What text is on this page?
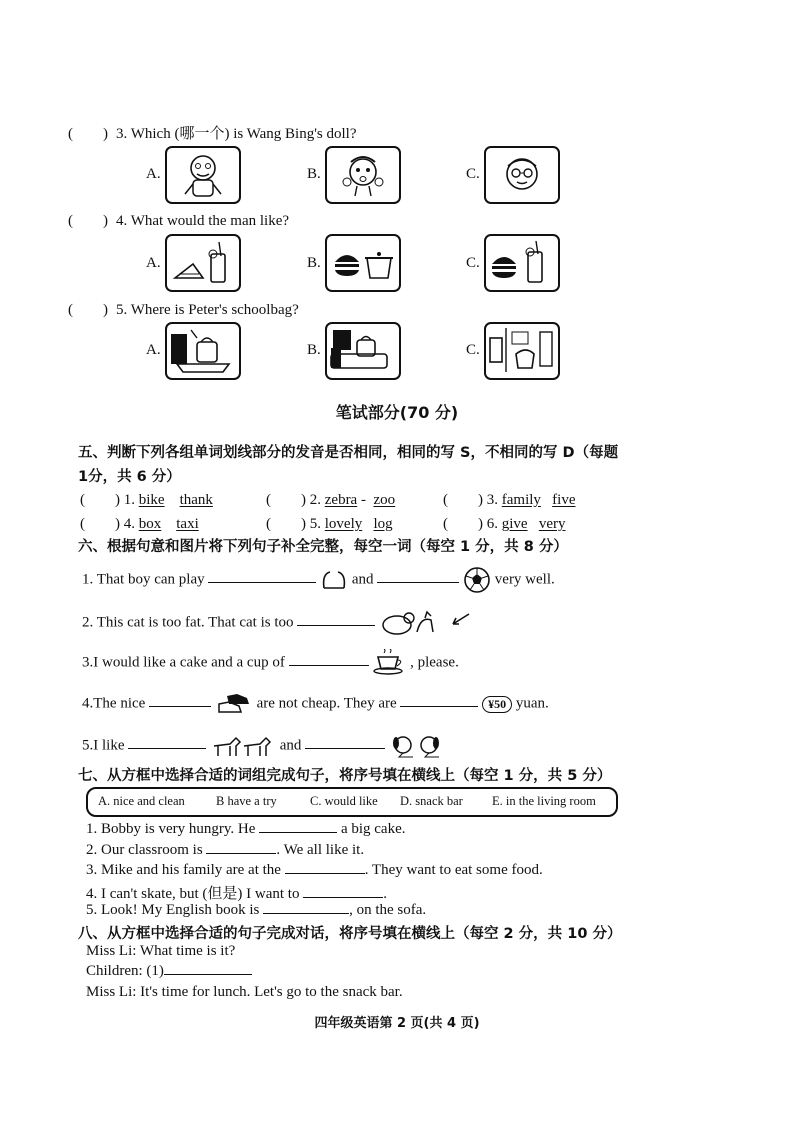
(　　) 3. Which (哪一个) is Wang Bing's doll?
A.	B.	C.
(　　) 4. What would the man like?
A.	B.	C.
(　　) 5. Where is Peter's schoolbag?
A.	B.	C.
笔试部分(70 分)
五、判断下列各组单词划线部分的发音是否相同，相同的写 S，不相同的写 D（每题
1分，共 6 分）
(　　) 1. bike thank	(　　) 2. zebra -  zoo	(　　) 3. family five
(　　) 4. box taxi	(　　) 5. lovely log	(　　) 6. give very
六、根据句意和图片将下列句子补全完整，每空一词（每空 1 分，共 8 分）
1. That boy can play	and	very well.
2. This cat is too fat. That cat is too
3.I would like a cake and a cup of	, please.
4.The nice	are not cheap. They are	¥50 yuan.
5.I like	and
七、从方框中选择合适的词组完成句子，将序号填在横线上（每空 1 分，共 5 分）
A. nice and clean B have a try	C. would like D. snack bar E. in the living room
1. Bobby is very hungry. He	a big cake.
2. Our classroom is	. We all like it.
3. Mike and his family are at the	. They want to eat some food.
4. I can't skate, but (但是) I want to	.
5. Look! My English book is	, on the sofa.
八、从方框中选择合适的句子完成对话，将序号填在横线上（每空 2 分，共 10 分）
Miss Li: What time is it?
Children: (1)
Miss Li: It's time for lunch. Let's go to the snack bar.
四年级英语第 2 页(共 4 页)
